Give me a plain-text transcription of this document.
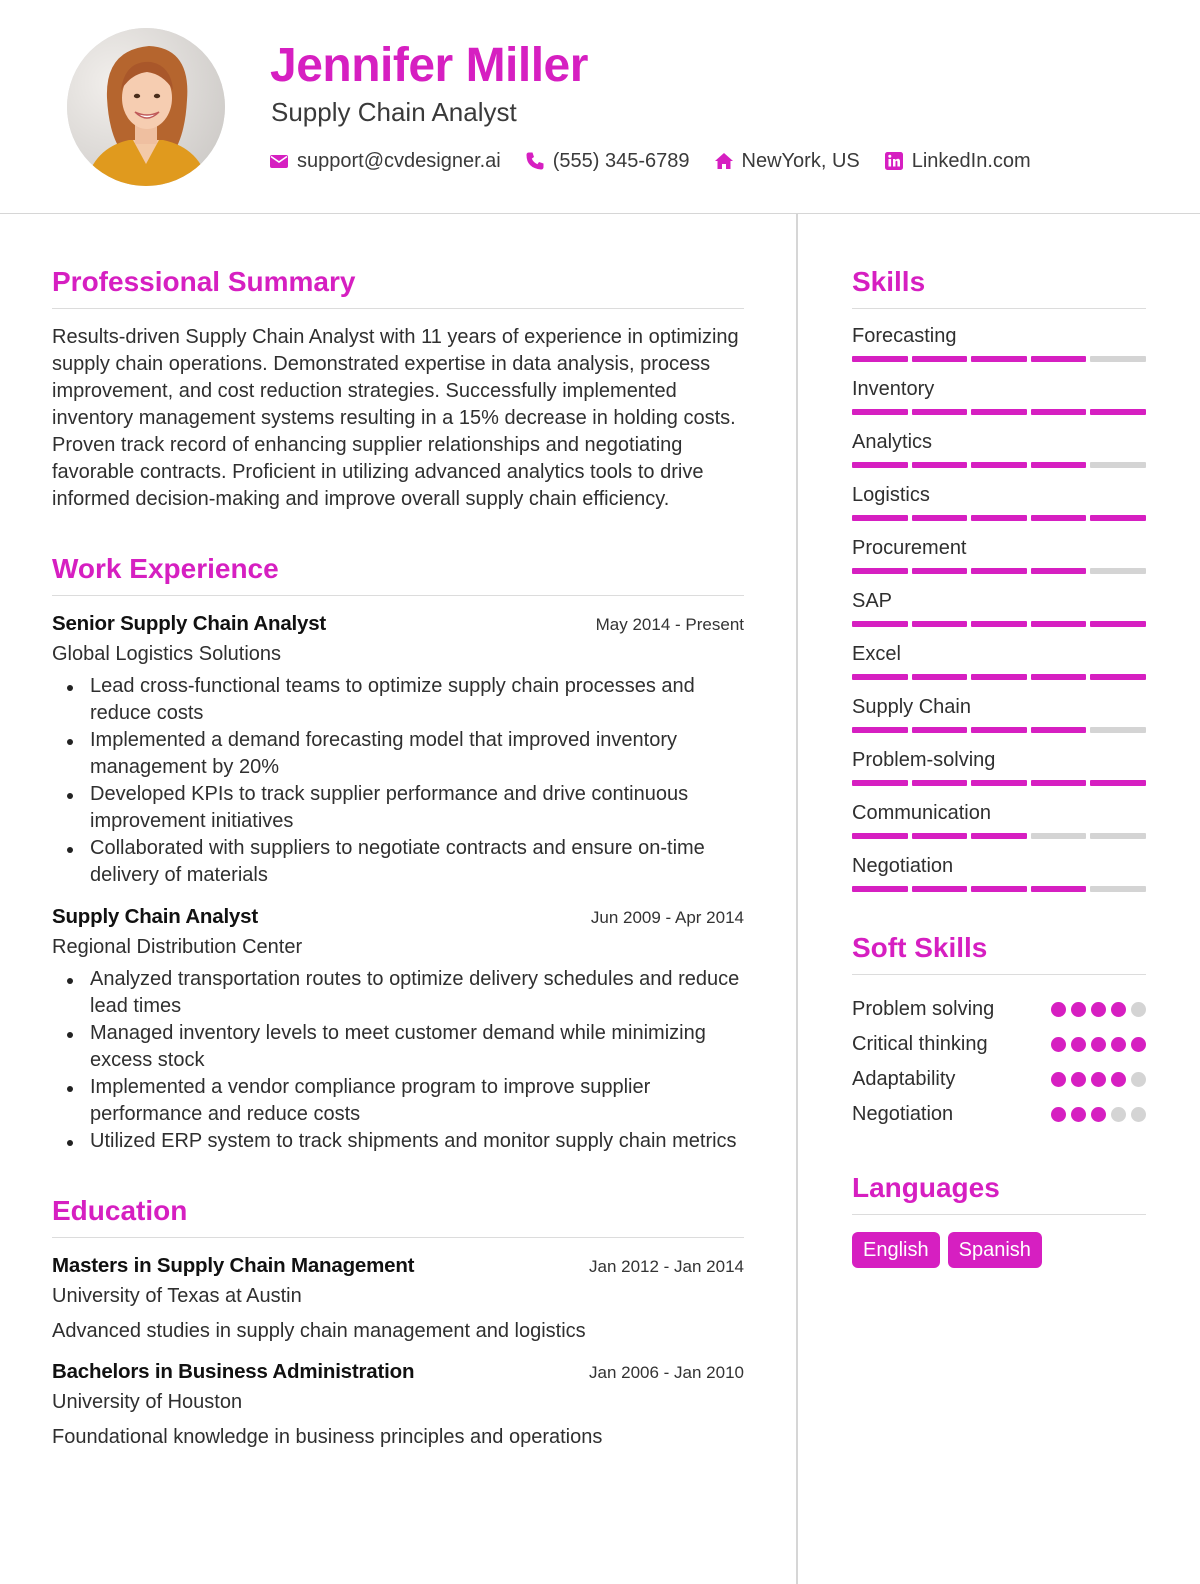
Jennifer Miller
Supply Chain Analyst
support@cvdesigner.ai	(555) 345-6789	NewYork, US	LinkedIn.com
Professional Summary

Results-driven Supply Chain Analyst with 11 years of experience in optimizing supply chain operations. Demonstrated expertise in data analysis, process improvement, and cost reduction strategies. Successfully implemented inventory management systems resulting in a 15% decrease in holding costs. Proven track record of enhancing supplier relationships and negotiating favorable contracts. Proficient in utilizing advanced analytics tools to drive informed decision-making and improve overall supply chain efficiency.

Work Experience
Senior Supply Chain Analyst	May 2014 - Present
Global Logistics Solutions
Lead cross-functional teams to optimize supply chain processes and reduce costs
Implemented a demand forecasting model that improved inventory management by 20%
Developed KPIs to track supplier performance and drive continuous improvement initiatives
Collaborated with suppliers to negotiate contracts and ensure on-time delivery of materials
Supply Chain Analyst	Jun 2009 - Apr 2014
Regional Distribution Center
Analyzed transportation routes to optimize delivery schedules and reduce lead times
Managed inventory levels to meet customer demand while minimizing excess stock
Implemented a vendor compliance program to improve supplier performance and reduce costs
Utilized ERP system to track shipments and monitor supply chain metrics
Education
Masters in Supply Chain Management	Jan 2012 - Jan 2014
University of Texas at Austin
Advanced studies in supply chain management and logistics
Bachelors in Business Administration	Jan 2006 - Jan 2010
University of Houston
Foundational knowledge in business principles and operations
Skills
Forecasting
Inventory
Analytics
Logistics
Procurement
SAP
Excel
Supply Chain
Problem-solving
Communication
Negotiation
Soft Skills
Problem solving
Critical thinking
Adaptability
Negotiation
Languages
English	Spanish
